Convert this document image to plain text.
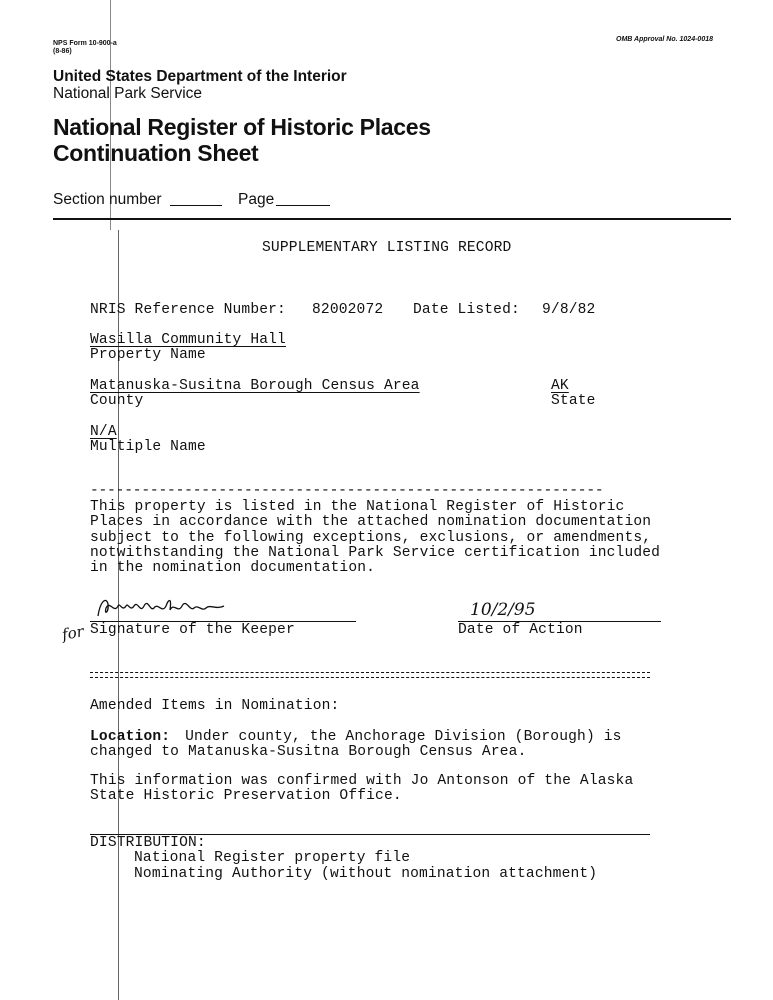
NPS Form 10-900-a
(8-86)
OMB Approval No. 1024-0018
United States Department of the Interior
National Park Service
National Register of Historic Places
Continuation Sheet
Section number	Page
SUPPLEMENTARY LISTING RECORD
NRIS Reference Number: 82002072 Date Listed: 9/8/82
Wasilla Community Hall
Property Name
Matanuska-Susitna Borough Census Area
County
AK
State
N/A
Multiple Name
------------------------------------------------------------
This property is listed in the National Register of Historic
Places in accordance with the attached nomination documentation
subject to the following exceptions, exclusions, or amendments,
notwithstanding the National Park Service certification included
in the nomination documentation.
Antoinette Lee
Signature of the Keeper
for
10/2/95
Date of Action
Amended Items in Nomination:
Location: Under county, the Anchorage Division (Borough) is
changed to Matanuska-Susitna Borough Census Area.
This information was confirmed with Jo Antonson of the Alaska
State Historic Preservation Office.
DISTRIBUTION:
National Register property file
Nominating Authority (without nomination attachment)
